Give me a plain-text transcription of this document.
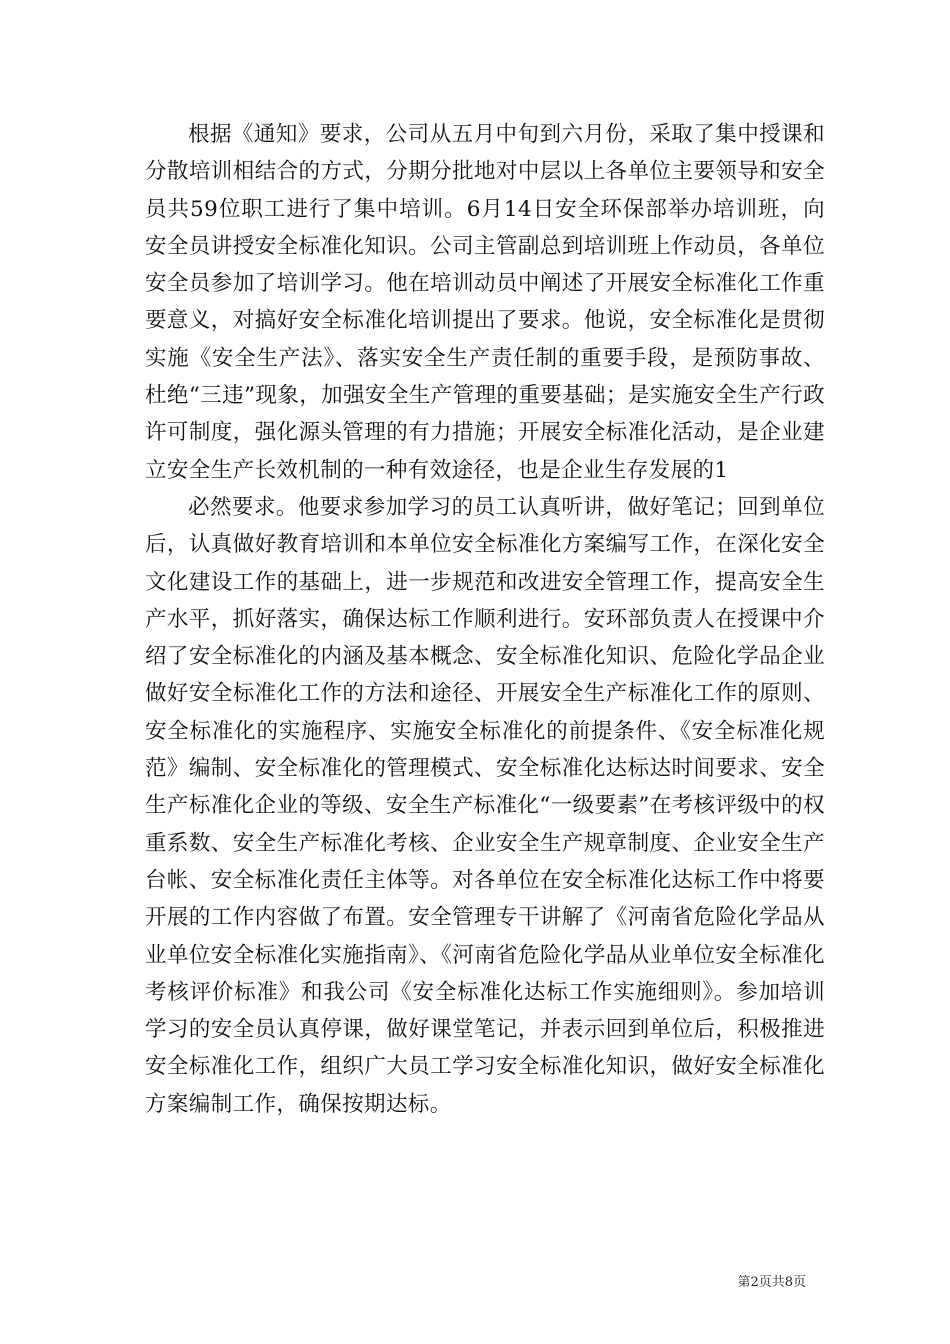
根据《通知》要求，公司从五月中旬到六月份，采取了集中授课和分散培训相结合的方式，分期分批地对中层以上各单位主要领导和安全员共59位职工进行了集中培训。6月14日安全环保部举办培训班，向安全员讲授安全标准化知识。公司主管副总到培训班上作动员，各单位安全员参加了培训学习。他在培训动员中阐述了开展安全标准化工作重要意义，对搞好安全标准化培训提出了要求。他说，安全标准化是贯彻实施《安全生产法》、落实安全生产责任制的重要手段，是预防事故、杜绝“三违”现象，加强安全生产管理的重要基础；是实施安全生产行政许可制度，强化源头管理的有力措施；开展安全标准化活动，是企业建立安全生产长效机制的一种有效途径，也是企业生存发展的1

必然要求。他要求参加学习的员工认真听讲，做好笔记；回到单位后，认真做好教育培训和本单位安全标准化方案编写工作，在深化安全文化建设工作的基础上，进一步规范和改进安全管理工作，提高安全生产水平，抓好落实，确保达标工作顺利进行。安环部负责人在授课中介绍了安全标准化的内涵及基本概念、安全标准化知识、危险化学品企业做好安全标准化工作的方法和途径、开展安全生产标准化工作的原则、安全标准化的实施程序、实施安全标准化的前提条件、《安全标准化规范》编制、安全标准化的管理模式、安全标准化达标达时间要求、安全生产标准化企业的等级、安全生产标准化“一级要素”在考核评级中的权重系数、安全生产标准化考核、企业安全生产规章制度、企业安全生产台帐、安全标准化责任主体等。对各单位在安全标准化达标工作中将要开展的工作内容做了布置。安全管理专干讲解了《河南省危险化学品从业单位安全标准化实施指南》、《河南省危险化学品从业单位安全标准化考核评价标准》和我公司《安全标准化达标工作实施细则》。参加培训学习的安全员认真停课，做好课堂笔记，并表示回到单位后，积极推进安全标准化工作，组织广大员工学习安全标准化知识，做好安全标准化方案编制工作，确保按期达标。

第2页共8页
